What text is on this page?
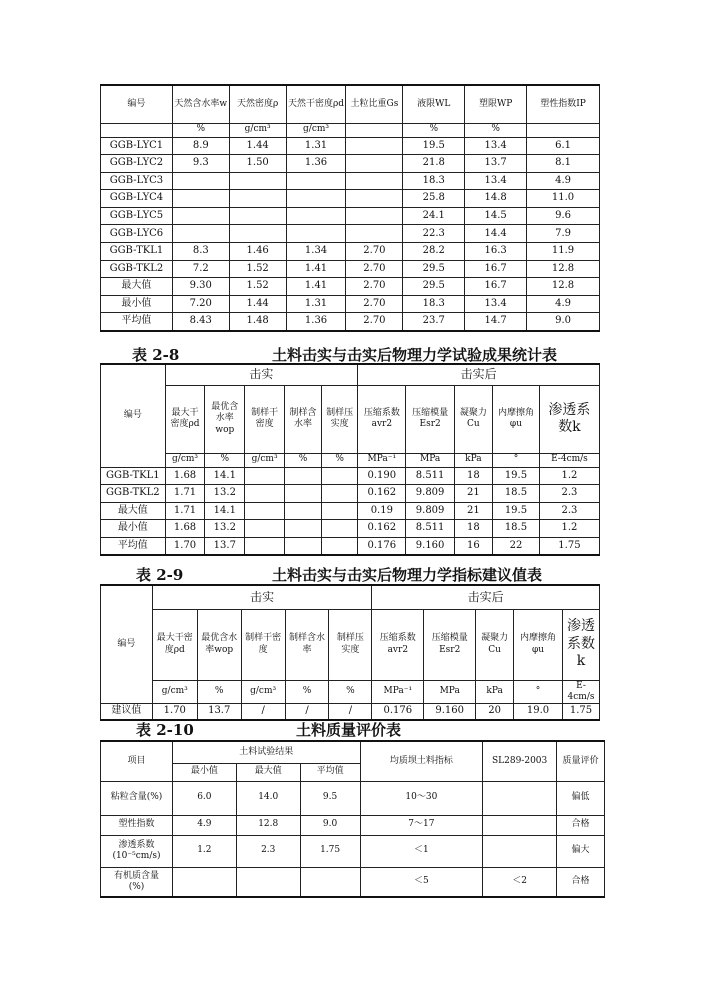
编号	天然含水率w	天然密度ρ	天然干密度ρd	土粒比重Gs	液限WL	塑限WP	塑性指数IP
	%	g/cm³	g/cm³		%	%	
GGB-LYC1	8.9	1.44	1.31		19.5	13.4	6.1
GGB-LYC2	9.3	1.50	1.36		21.8	13.7	8.1
GGB-LYC3					18.3	13.4	4.9
GGB-LYC4					25.8	14.8	11.0
GGB-LYC5					24.1	14.5	9.6
GGB-LYC6					22.3	14.4	7.9
GGB-TKL1	8.3	1.46	1.34	2.70	28.2	16.3	11.9
GGB-TKL2	7.2	1.52	1.41	2.70	29.5	16.7	12.8
最大值	9.30	1.52	1.41	2.70	29.5	16.7	12.8
最小值	7.20	1.44	1.31	2.70	18.3	13.4	4.9
平均值	8.43	1.48	1.36	2.70	23.7	14.7	9.0
表 2-8	土料击实与击实后物理力学试验成果统计表
编号	击实					击实后				
	最大干密度ρd	最优含水率wop	制样干密度	制样含水率	制样压实度	压缩系数avr2	压缩模量Esr2	凝聚力Cu	内摩擦角φu	渗透系数k
	g/cm³	%	g/cm³	%	%	MPa⁻¹	MPa	kPa	°	E-4cm/s
GGB-TKL1	1.68	14.1				0.190	8.511	18	19.5	1.2
GGB-TKL2	1.71	13.2				0.162	9.809	21	18.5	2.3
最大值	1.71	14.1				0.19	9.809	21	19.5	2.3
最小值	1.68	13.2				0.162	8.511	18	18.5	1.2
平均值	1.70	13.7				0.176	9.160	16	22	1.75
表 2-9	土料击实与击实后物理力学指标建议值表
编号	击实					击实后				
	最大干密度ρd	最优含水率wop	制样干密度	制样含水率	制样压实度	压缩系数avr2	压缩模量Esr2	凝聚力Cu	内摩擦角φu	渗透系数k
	g/cm³	%	g/cm³	%	%	MPa⁻¹	MPa	kPa	°	E-4cm/s
建议值	1.70	13.7	/	/	/	0.176	9.160	20	19.0	1.75
表 2-10	土料质量评价表
项目	土料试验结果			均质坝土料指标	SL289-2003	质量评价
	最小值	最大值	平均值			
粘粒含量(%)	6.0	14.0	9.5	10～30		偏低
塑性指数	4.9	12.8	9.0	7～17		合格
渗透系数(10⁻⁵cm/s)	1.2	2.3	1.75	＜1		偏大
有机质含量(%)				＜5	＜2	合格
